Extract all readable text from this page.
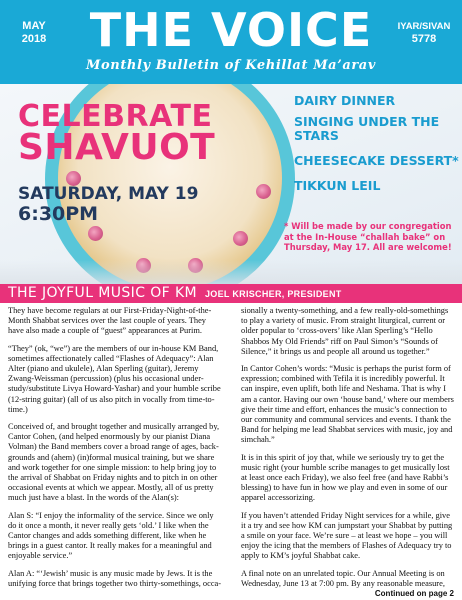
MAY
2018 THE VOICE
Monthly Bulletin of Kehillat Ma’arav
IYAR/SIVAN
5778
CELEBRATE
SHAVUOT
SATURDAY, MAY 19
6:30PM
DAIRY DINNER
SINGING UNDER THE STARS
CHEESECAKE DESSERT*
TIKKUN LEIL
* Will be made by our congregation at the In-House “challah bake” on Thursday, May 17. All are welcome!
THE JOYFUL MUSIC OF KM JOEL KRISCHER, PRESIDENT

They have become regulars at our First-Friday-Night-of-the-Month Shabbat services over the last couple of years. They have also made a couple of “guest” appearances at Purim.

“They” (ok, “we”) are the members of our in-house KM Band, sometimes affectionately called “Flashes of Adequacy”: Alan Alter (piano and ukulele), Alan Sperling (guitar), Jeremy Zwang-Weissman (percussion) (plus his occasional under-study/substitute Livya Howard-Yashar) and your humble scribe (12-string guitar) (all of us also pitch in vocally from time-to-time.)

Conceived of, and brought together and musically arranged by, Cantor Cohen, (and helped enormously by our pianist Diana Volman) the Band members cover a broad range of ages, back-grounds and (ahem) (in)formal musical training, but we share and work together for one simple mission: to help bring joy to the arrival of Shabbat on Friday nights and to pitch in on other occasional events at which we appear. Mostly, all of us pretty much just have a blast. In the words of the Alan(s):

Alan S: “I enjoy the informality of the service. Since we only do it once a month, it never really gets ‘old.’ I like when the Cantor changes and adds something different, like when he brings in a guest cantor. It really makes for a meaningful and enjoyable service.”

Alan A: “‘Jewish’ music is any music made by Jews. It is the unifying force that brings together two thirty-somethings, occa-

sionally a twenty-something, and a few really-old-somethings to play a variety of music. From straight liturgical, current or older popular to ‘cross-overs’ like Alan Sperling’s “Hello Shabbos My Old Friends” riff on Paul Simon’s “Sounds of Silence,” it brings us and people all around us together.”

In Cantor Cohen’s words: “Music is perhaps the purist form of expression; combined with Tefila it is incredibly powerful. It can inspire, even uplift, both life and Neshama. That is why I am a cantor. Having our own ‘house band,’ where our members give their time and effort, enhances the music’s connection to our community and communal services and events. I thank the Band for helping me lead Shabbat services with music, joy and simchah.”

It is in this spirit of joy that, while we seriously try to get the music right (your humble scribe manages to get musically lost at least once each Friday), we also feel free (and have Rabbi’s blessing) to have fun in how we play and even in some of our apparel accessorizing.

If you haven’t attended Friday Night services for a while, give it a try and see how KM can jumpstart your Shabbat by putting a smile on your face. We’re sure – at least we hope – you will enjoy the icing that the members of Flashes of Adequacy try to apply to KM’s joyful Shabbat cake.

A final note on an unrelated topic. Our Annual Meeting is on Wednesday, June 13 at 7:00 pm. By any reasonable measure,

Continued on page 2
